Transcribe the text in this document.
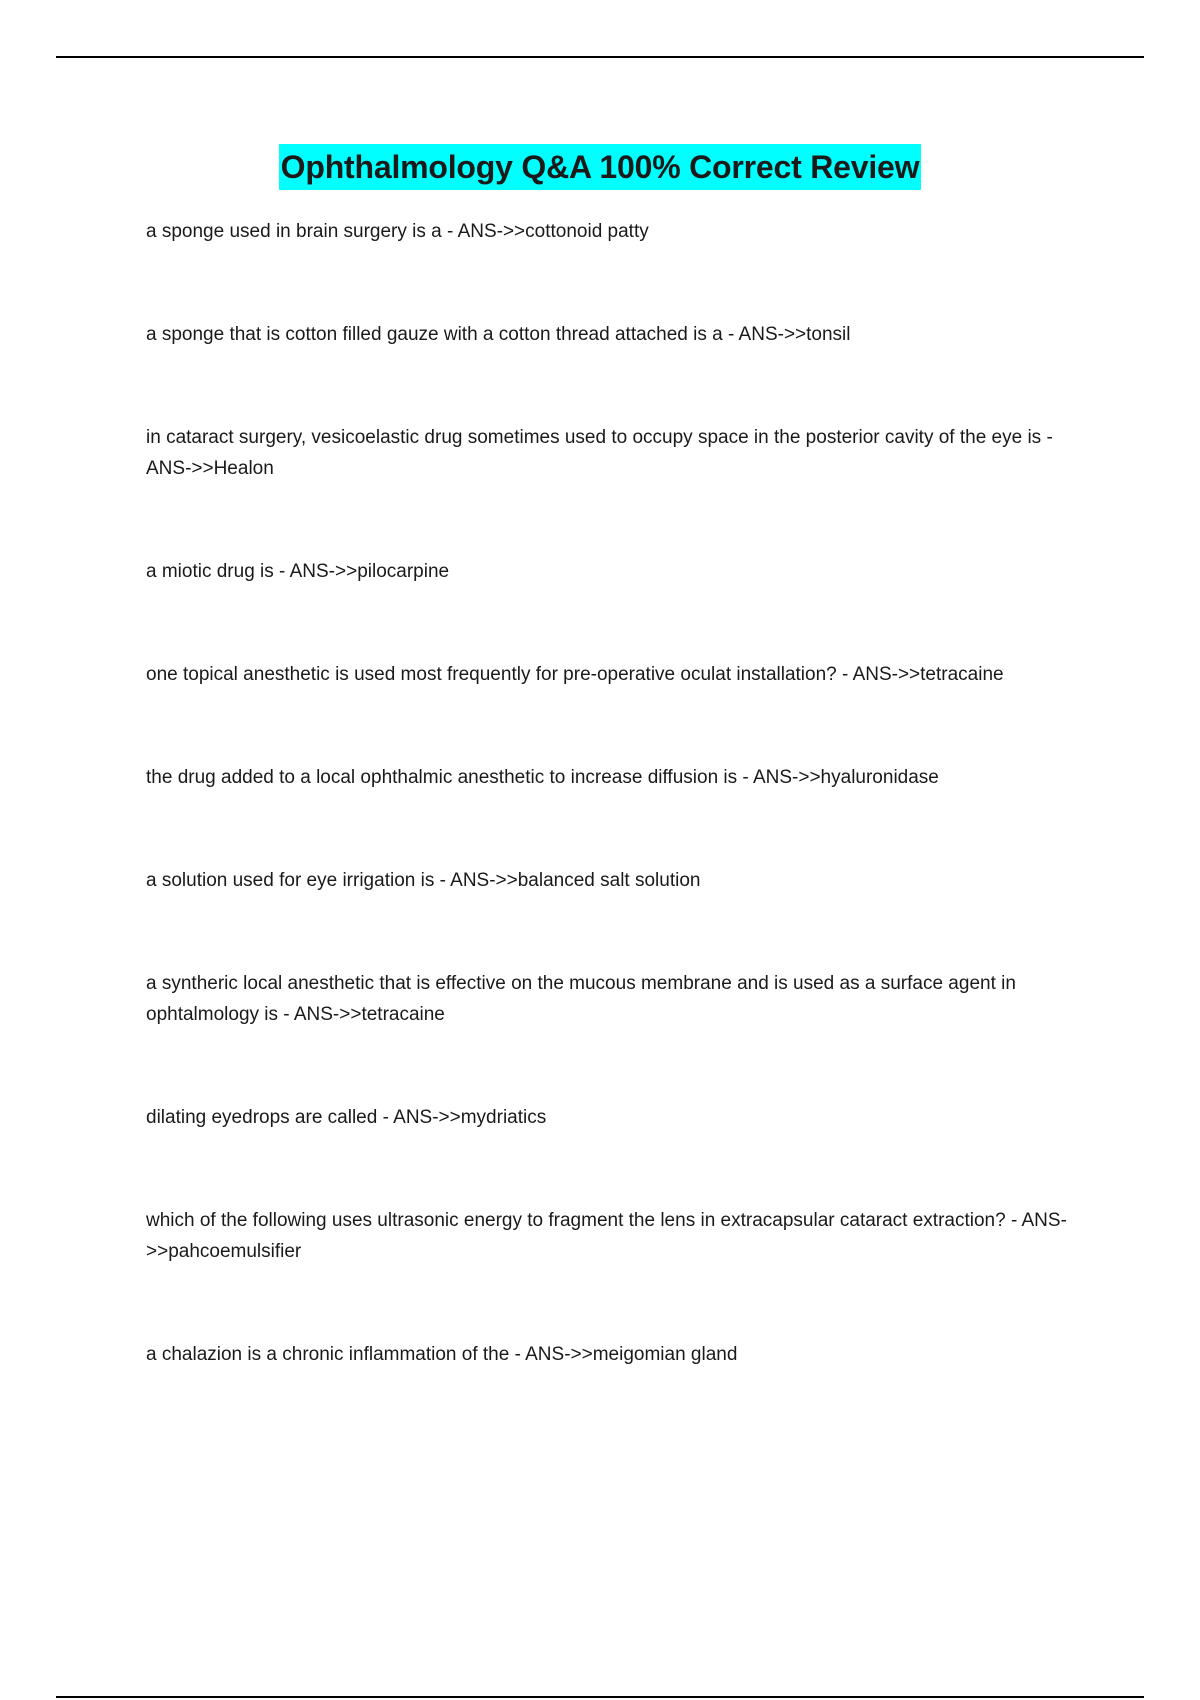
Ophthalmology Q&A 100% Correct Review
a sponge used in brain surgery is a - ANS->>cottonoid patty
a sponge that is cotton filled gauze with a cotton thread attached is a - ANS->>tonsil
in cataract surgery, vesicoelastic drug sometimes used to occupy space in the posterior cavity of the eye is - ANS->>Healon
a miotic drug is - ANS->>pilocarpine
one topical anesthetic is used most frequently for pre-operative oculat installation? - ANS->>tetracaine
the drug added to a local ophthalmic anesthetic to increase diffusion is - ANS->>hyaluronidase
a solution used for eye irrigation is - ANS->>balanced salt solution
a syntheric local anesthetic that is effective on the mucous membrane and is used as a surface agent in ophtalmology is - ANS->>tetracaine
dilating eyedrops are called - ANS->>mydriatics
which of the following uses ultrasonic energy to fragment the lens in extracapsular cataract extraction? - ANS->>pahcoemulsifier
a chalazion is a chronic inflammation of the - ANS->>meigomian gland
